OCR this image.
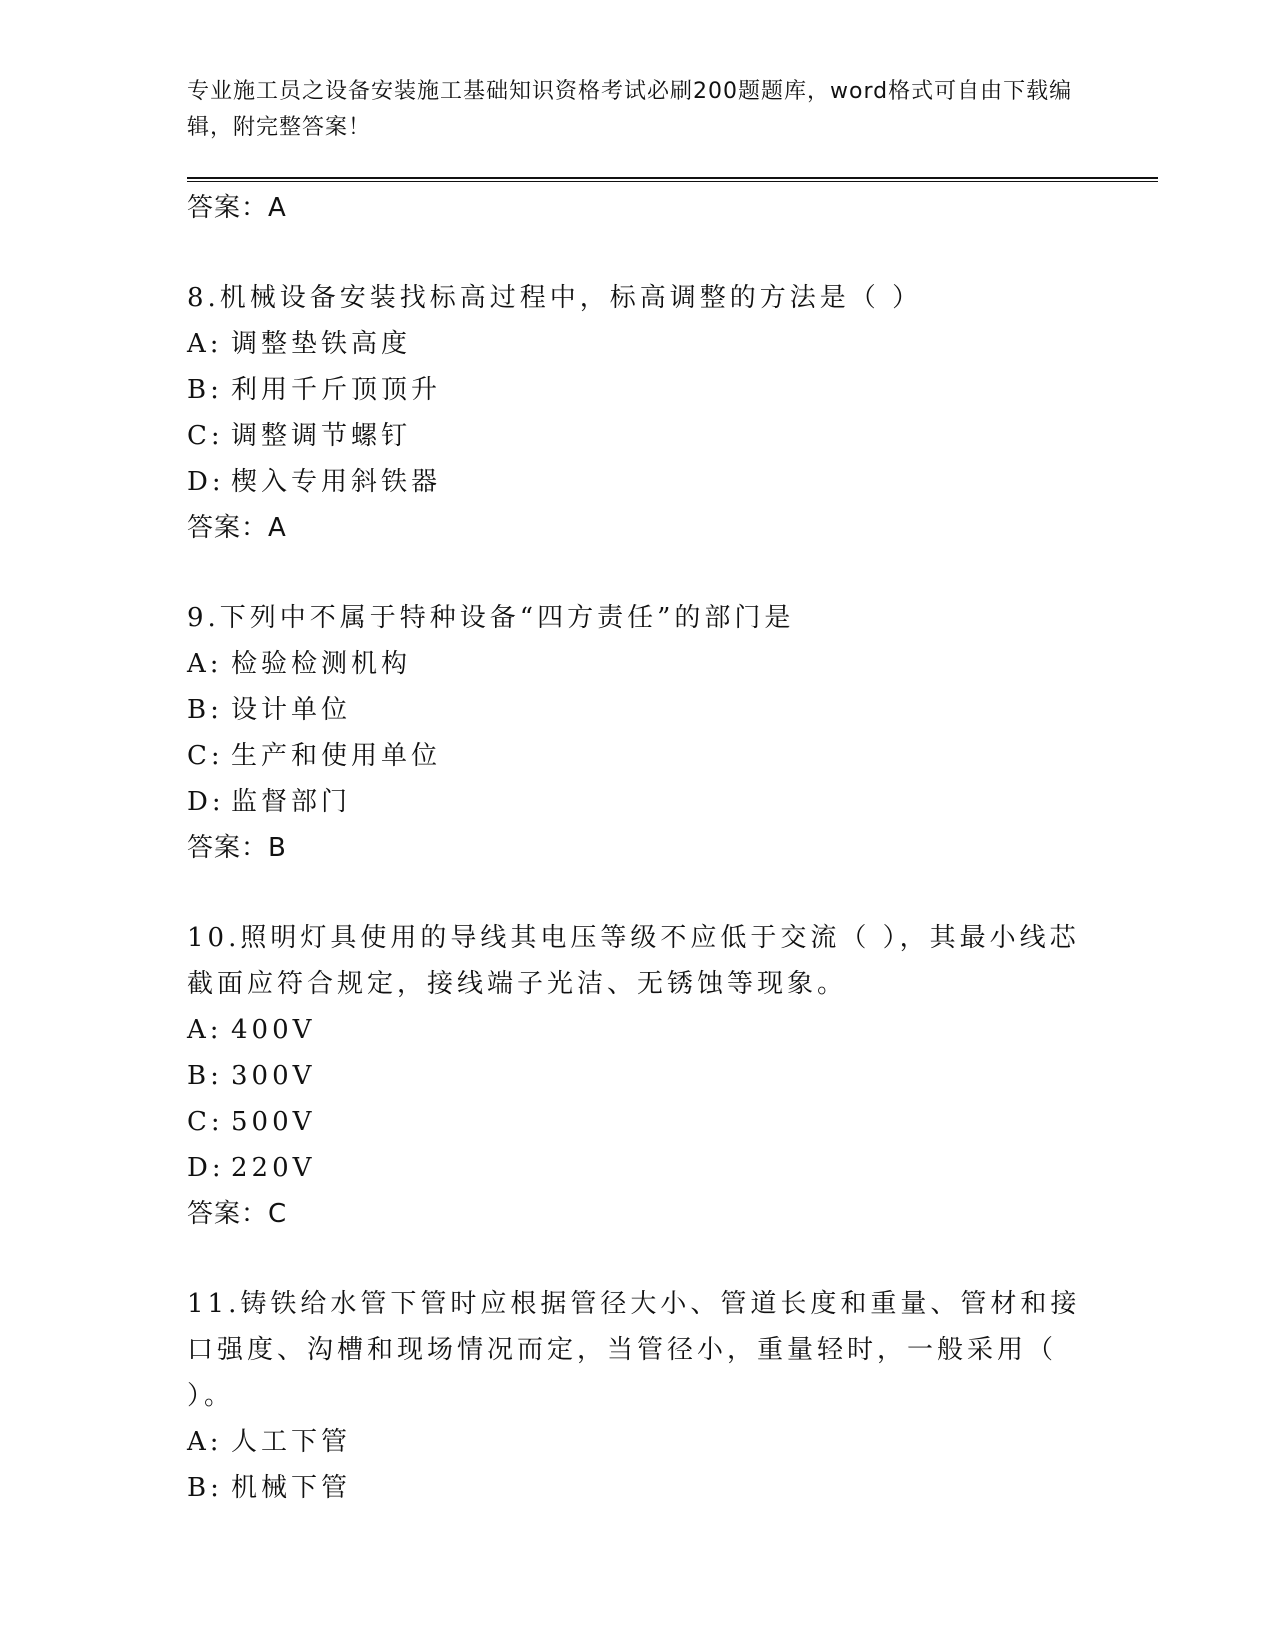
专业施工员之设备安装施工基础知识资格考试必刷200题题库，word格式可自由下载编辑，附完整答案！

答案：A

8.机械设备安装找标高过程中，标高调整的方法是（ ）

A: 调整垫铁高度

B: 利用千斤顶顶升

C: 调整调节螺钉

D: 楔入专用斜铁器

答案：A

9.下列中不属于特种设备“四方责任”的部门是

A: 检验检测机构

B: 设计单位

C: 生产和使用单位

D: 监督部门

答案：B

10.照明灯具使用的导线其电压等级不应低于交流（ ），其最小线芯截面应符合规定，接线端子光洁、无锈蚀等现象。

A: 400V

B: 300V

C: 500V

D: 220V

答案：C

11.铸铁给水管下管时应根据管径大小、管道长度和重量、管材和接口强度、沟槽和现场情况而定，当管径小，重量轻时，一般采用（ ）。

A: 人工下管

B: 机械下管
